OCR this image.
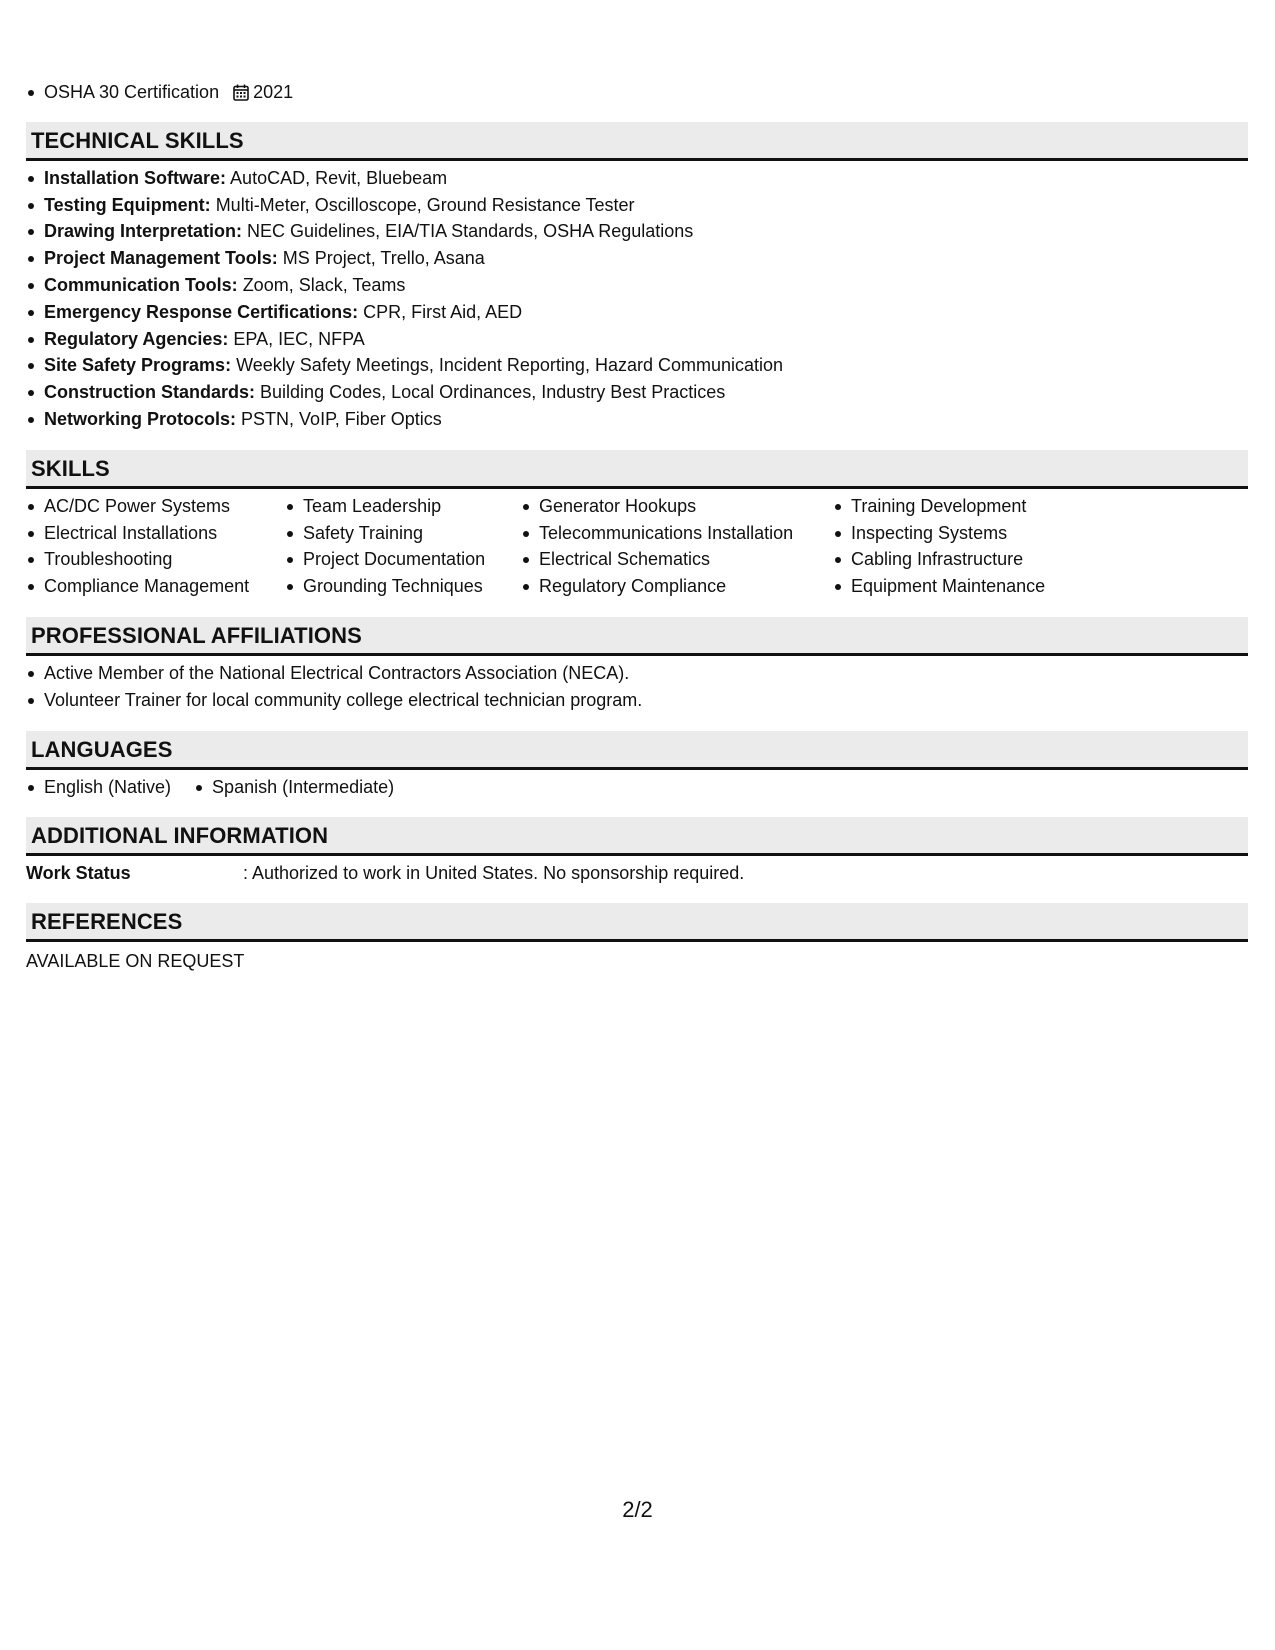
OSHA 30 Certification 2021
TECHNICAL SKILLS
Installation Software: AutoCAD, Revit, Bluebeam
Testing Equipment: Multi-Meter, Oscilloscope, Ground Resistance Tester
Drawing Interpretation: NEC Guidelines, EIA/TIA Standards, OSHA Regulations
Project Management Tools: MS Project, Trello, Asana
Communication Tools: Zoom, Slack, Teams
Emergency Response Certifications: CPR, First Aid, AED
Regulatory Agencies: EPA, IEC, NFPA
Site Safety Programs: Weekly Safety Meetings, Incident Reporting, Hazard Communication
Construction Standards: Building Codes, Local Ordinances, Industry Best Practices
Networking Protocols: PSTN, VoIP, Fiber Optics
SKILLS
AC/DC Power Systems
Electrical Installations
Troubleshooting
Compliance Management
Team Leadership
Safety Training
Project Documentation
Grounding Techniques
Generator Hookups
Telecommunications Installation
Electrical Schematics
Regulatory Compliance
Training Development
Inspecting Systems
Cabling Infrastructure
Equipment Maintenance
PROFESSIONAL AFFILIATIONS
Active Member of the National Electrical Contractors Association (NECA).
Volunteer Trainer for local community college electrical technician program.
LANGUAGES
English (Native)	Spanish (Intermediate)
ADDITIONAL INFORMATION
Work Status	: Authorized to work in United States. No sponsorship required.
REFERENCES
AVAILABLE ON REQUEST
2/2
